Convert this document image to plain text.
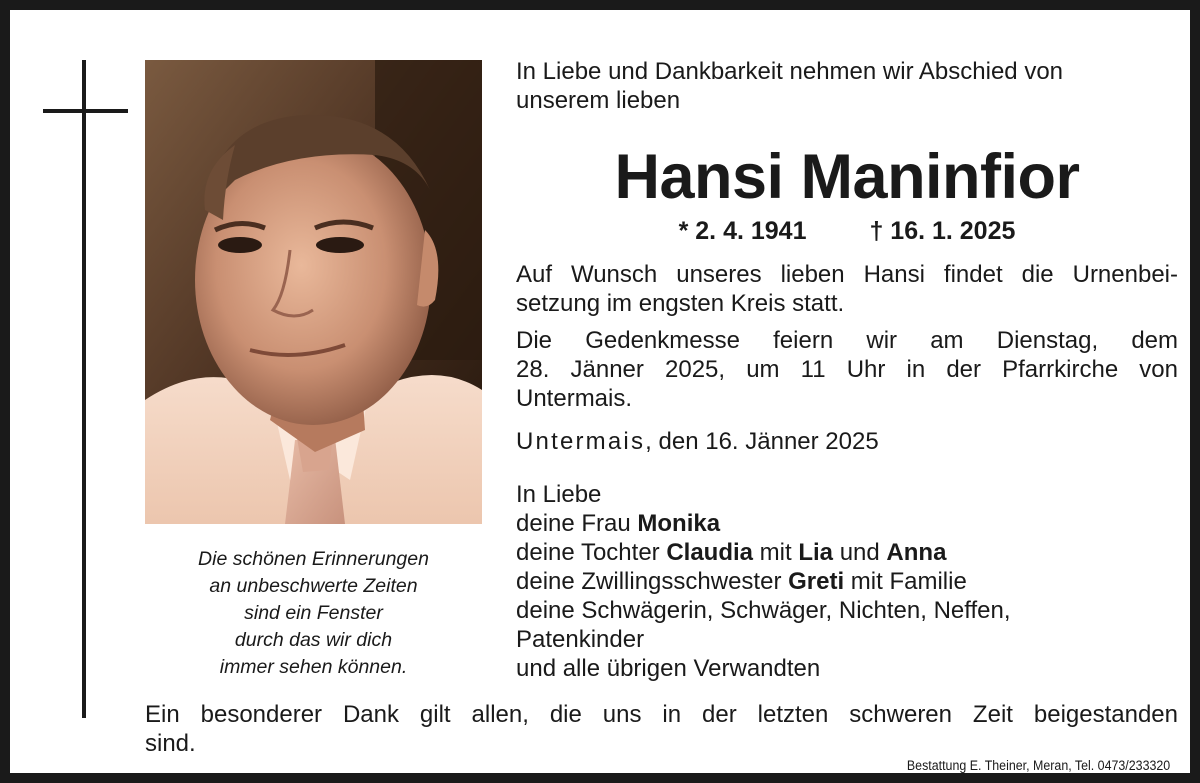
Die schönen Erinnerungen
an unbeschwerte Zeiten
sind ein Fenster
durch das wir dich
immer sehen können.
In Liebe und Dankbarkeit nehmen wir Abschied von
unserem lieben
Hansi Maninfior
* 2. 4. 1941	† 16. 1. 2025
Auf Wunsch unseres lieben Hansi findet die Urnenbei-
setzung im engsten Kreis statt.
Die Gedenkmesse feiern wir am Dienstag, dem
28. Jänner 2025, um 11 Uhr in der Pfarrkirche von
Untermais.
Untermais, den 16. Jänner 2025
In Liebe
deine Frau Monika
deine Tochter Claudia mit Lia und Anna
deine Zwillingsschwester Greti mit Familie
deine Schwägerin, Schwäger, Nichten, Neffen,
Patenkinder
und alle übrigen Verwandten
Ein besonderer Dank gilt allen, die uns in der letzten schweren Zeit beigestanden
sind.
Bestattung E. Theiner, Meran, Tel. 0473/233320
